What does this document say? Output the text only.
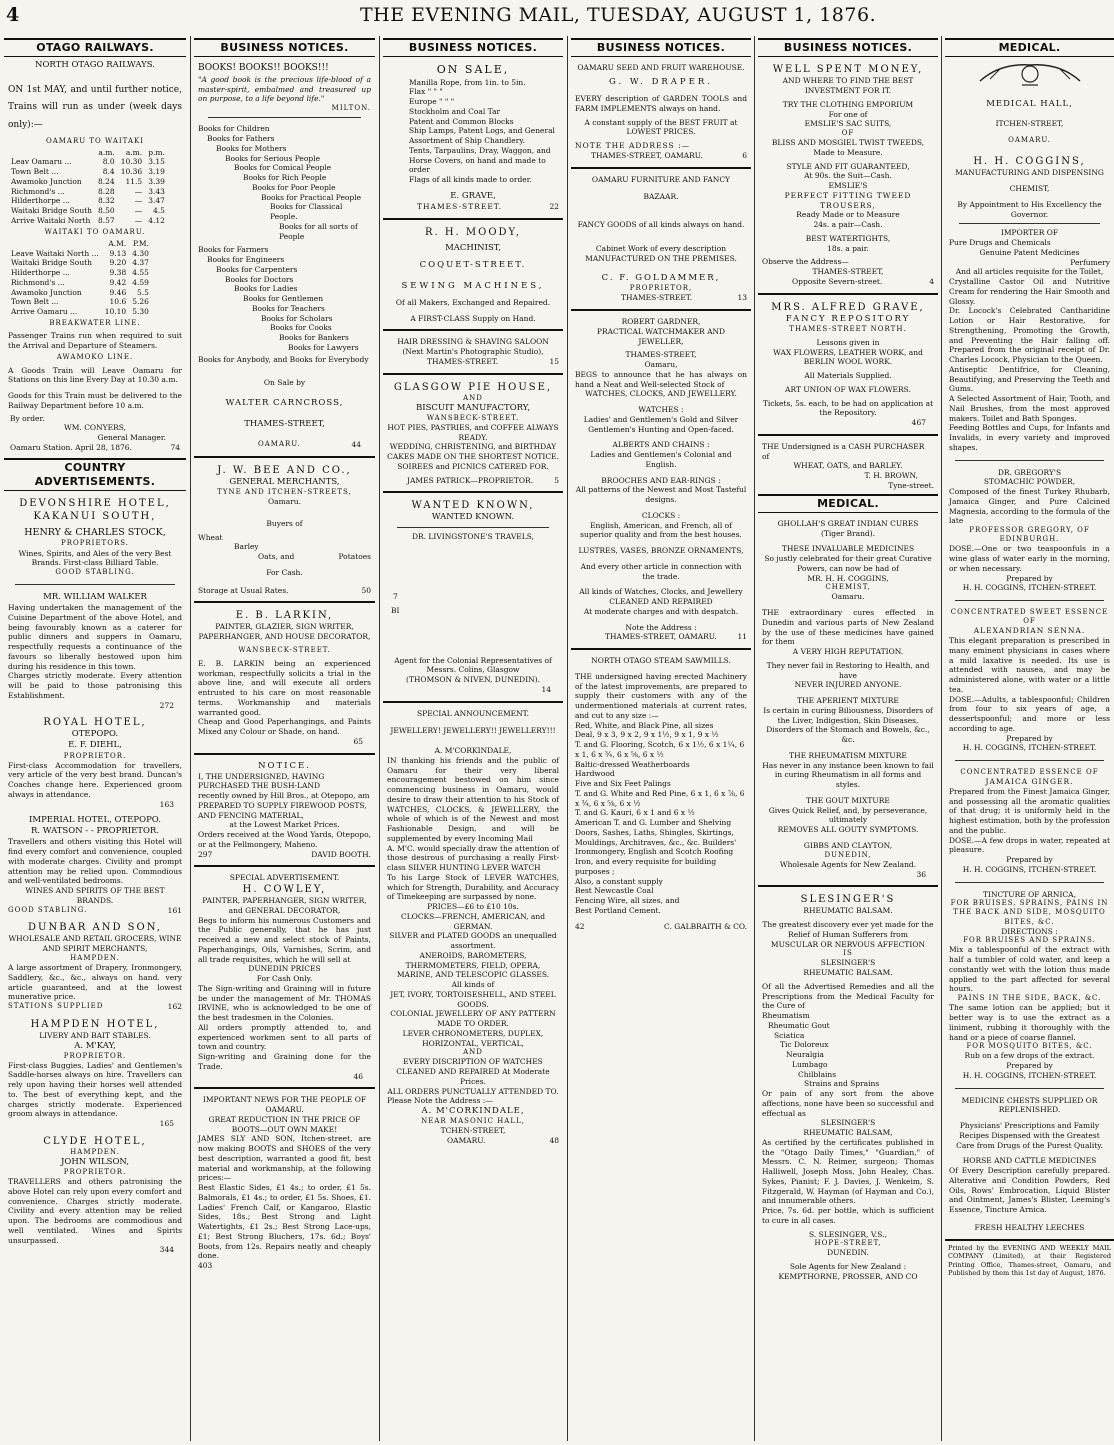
4	THE EVENING MAIL, TUESDAY, AUGUST 1, 1876.
OTAGO RAILWAYS.
NORTH OTAGO RAILWAYS.
ON 1st MAY, and until further notice, Trains will run as under (week days only):—
OAMARU TO WAITAKI
	a.m.	a.m.	p.m.
Leav Oamaru ...	8.0	10.30	3.15
Town Belt ...	8.4	10.36	3.19
Awamoko Junction	8.24	11.5	3.39
Richmond's ...	8.28	—	3.43
Hilderthorpe ...	8.32	—	3.47
Waitaki Bridge South	8.50	—	4.5
Arrive Waitaki North	8.57	—	4.12
WAITAKI TO OAMARU.
	A.M.	P.M.
Leave Waitaki North ...	9.13	4.30
Waitaki Bridge South	9.20	4.37
Hilderthorpe ...	9.38	4.55
Richmond's ...	9.42	4.59
Awamoko Junction	9.46	5.5
Town Belt ...	10.6	5.26
Arrive Oamaru ...	10.10	5.30
BREAKWATER LINE.
Passenger Trains run when required to suit the Arrival and Departure of Steamers.
AWAMOKO LINE.
A Goods Train will Leave Oamaru for Stations on this line Every Day at 10.30 a.m.
Goods for this Train must be delivered to the Railway Department before 10 a.m.
By order.
WM. CONYERS,
General Manager.
Oamaru Station. April 28, 1876.	74
COUNTRY ADVERTISEMENTS.
DEVONSHIRE HOTEL, KAKANUI SOUTH,
HENRY & CHARLES STOCK,
PROPRIETORS.
Wines, Spirits, and Ales of the very Best Brands. First-class Billiard Table.
GOOD STABLING.
MR. WILLIAM WALKER
Having undertaken the management of the Cuisine Department of the above Hotel, and being favourably known as a caterer for public dinners and suppers in Oamaru, respectfully requests a continuance of the favours so liberally bestowed upon him during his residence in this town.
Charges strictly moderate. Every attention will be paid to those patronising this Establishment.
272
ROYAL HOTEL,
OTEPOPO.
E. F. DIEHL,
PROPRIETOR.
First-class Accommodation for travellers, very article of the very best brand. Duncan's Coaches change here. Experienced groom always in attendance.
163
IMPERIAL HOTEL, OTEPOPO.
R. WATSON - - PROPRIETOR.
Travellers and others visiting this Hotel will find every comfort and convenience, coupled with moderate charges. Civility and prompt attention may be relied upon. Commodious and well-ventilated bedrooms.
WINES AND SPIRITS OF THE BEST BRANDS.
GOOD STABLING.	161
DUNBAR AND SON,
WHOLESALE AND RETAIL GROCERS, WINE AND SPIRIT MERCHANTS,
HAMPDEN.
A large assortment of Drapery, Ironmongery, Saddlery, &c., &c., always on hand. very article guaranteed, and at the lowest munerative price.
STATIONS SUPPLIED	162
HAMPDEN HOTEL,
LIVERY AND BAIT STABLES.
A. M'KAY,
PROPRIETOR.
First-class Buggies, Ladies' and Gentlemen's Saddle-horses always on hire. Travellers can rely upon having their horses well attended to. The best of everything kept, and the charges strictly moderate. Experienced groom always in attendance.
165
CLYDE HOTEL,
HAMPDEN.
JOHN WILSON,
PROPRIETOR.
TRAVELLERS and others patronising the above Hotel can rely upon every comfort and convenience. Charges strictly moderate. Civility and every attention may be relied upon. The bedrooms are commodious and well ventilated. Wines and Spirits unsurpassed.
344
BUSINESS NOTICES.
BOOKS! BOOKS!! BOOKS!!!
"A good book is the precious life-blood of a master-spirit, embalmed and treasured up on purpose, to a life beyond life."
MILTON.
Books for Children
Books for Fathers
Books for Mothers
Books for Serious People
Books for Comical People
Books for Rich People
Books for Poor People
Books for Practical People
Books for Classical People.
Books for all sorts of People
Books for Farmers
Books for Engineers
Books for Carpenters
Books for Doctors
Books for Ladies
Books for Gentlemen
Books for Teachers
Books for Scholars
Books for Cooks
Books for Bankers
Books for Lawyers
Books for Anybody, and Books for Everybody
On Sale by
WALTER CARNCROSS,
THAMES-STREET,
OAMARU.	44
J. W. BEE AND CO.,
GENERAL MERCHANTS,
TYNE AND ITCHEN-STREETS,
Oamaru.
Buyers of
Wheat
Barley
Oats, and	Potatoes
For Cash.
Storage at Usual Rates.	50
E. B. LARKIN,
PAINTER, GLAZIER, SIGN WRITER, PAPERHANGER, AND HOUSE DECORATOR,
WANSBECK-STREET.
E. B. LARKIN being an experienced workman, respectfully solicits a trial in the above line, and will execute all orders entrusted to his care on most reasonable terms. Workmanship and materials warranted good.
Cheap and Good Paperhangings, and Paints Mixed any Colour or Shade, on hand.
65
NOTICE.
I, THE UNDERSIGNED, HAVING PURCHASED THE BUSH-LAND
recently owned by Hill Bros., at Otepopo, am PREPARED TO SUPPLY FIREWOOD POSTS, AND FENCING MATERIAL,
at the Lowest Market Prices.
Orders received at the Wood Yards, Otepopo, or at the Fellmongery, Maheno.
297	DAVID BOOTH.
SPECIAL ADVERTISEMENT.
H. COWLEY,
PAINTER, PAPERHANGER, SIGN WRITER, and GENERAL DECORATOR,
Begs to inform his numerous Customers and the Public generally, that he has just received a new and select stock of Paints, Paperhangings, Oils, Varnishes, Scrim, and all trade requisites, which he will sell at
DUNEDIN PRICES
For Cash Only.
The Sign-writing and Graining will in future be under the management of Mr. THOMAS IRVINE, who is acknowledged to be one of the best tradesmen in the Colonies.
All orders promptly attended to, and experienced workmen sent to all parts of town and country.
Sign-writing and Graining done for the Trade.
46
IMPORTANT NEWS FOR THE PEOPLE OF OAMARU.
GREAT REDUCTION IN THE PRICE OF BOOTS—OUT OWN MAKE!
JAMES SLY AND SON, Itchen-street, are now making BOOTS and SHOES of the very best description, warranted a good fit, best material and workmanship, at the following prices:—
Best Elastic Sides, £1 4s.; to order, £1 5s. Balmorals, £1 4s.; to order, £1 5s. Shoes, £1. Ladies' French Calf, or Kangaroo, Elastic Sides, 18s.; Best Strong and Light Watertights, £1 2s.; Best Strong Lace-ups, £1; Best Strong Bluchers, 17s. 6d.; Boys' Boots, from 12s. Repairs neatly and cheaply done.
403
BUSINESS NOTICES.
ON SALE,
Manilla Rope, from 1in. to 5in.
Flax " " "
Europe " " "
Stockholm and Coal Tar
Patent and Common Blocks
Ship Lamps, Patent Logs, and General Assortment of Ship Chandlery.
Tents, Tarpaulins, Dray, Waggon, and Horse Covers, on hand and made to order
Flags of all kinds made to order.
E. GRAVE,
THAMES-STREET.	22
R. H. MOODY,
MACHINIST,
COQUET-STREET.
SEWING MACHINES,
Of all Makers, Exchanged and Repaired.
A FIRST-CLASS Supply on Hand.
HAIR DRESSING & SHAVING SALOON
(Next Martin's Photographic Studio),
THAMES-STREET.	15
GLASGOW PIE HOUSE,
AND
BISCUIT MANUFACTORY,
WANSBECK-STREET.
HOT PIES, PASTRIES, and COFFEE ALWAYS READY.
WEDDING, CHRISTENING, and BIRTHDAY CAKES MADE ON THE SHORTEST NOTICE.
SOIREES and PICNICS CATERED FOR.
JAMES PATRICK—PROPRIETOR.	5
WANTED KNOWN,
WANTED KNOWN.
DR. LIVINGSTONE'S TRAVELS,
7
BI
Agent for the Colonial Representatives of Messrs. Colins, Glasgow
(THOMSON & NIVEN, DUNEDIN).
14
SPECIAL ANNOUNCEMENT.
JEWELLERY! JEWELLERY!! JEWELLERY!!!
A. M'CORKINDALE,
IN thanking his friends and the public of Oamaru for their very liberal encouragement bestowed on him since commencing business in Oamaru, would desire to draw their attention to his Stock of WATCHES, CLOCKS, & JEWELLERY, the whole of which is of the Newest and most Fashionable Design, and will be supplemented by every Incoming Mail
A. M'C. would specially draw the attention of those desirous of purchasing a really First-class SILVER HUNTING LEVER WATCH
To his Large Stock of LEVER WATCHES, which for Strength, Durability, and Accuracy of Timekeeping are surpassed by none.
PRICES—£6 to £10 10s.
CLOCKS—FRENCH, AMERICAN, and GERMAN.
SILVER and PLATED GOODS an unequalled assortment.
ANEROIDS, BAROMETERS, THERMOMETERS, FIELD, OPERA, MARINE, AND TELESCOPIC GLASSES.
All kinds of
JET, IVORY, TORTOISESHELL, AND STEEL GOODS.
COLONIAL JEWELLERY OF ANY PATTERN MADE TO ORDER.
LEVER CHRONOMETERS, DUPLEX, HORIZONTAL, VERTICAL,
AND
EVERY DISCRIPTION OF WATCHES CLEANED AND REPAIRED At Moderate Prices.
ALL ORDERS PUNCTUALLY ATTENDED TO.
Please Note the Address :—
A. M'CORKINDALE,
NEAR MASONIC HALL,
TCHEN-STREET,
OAMARU.	48
BUSINESS NOTICES.
OAMARU SEED AND FRUIT WAREHOUSE.
G. W. DRAPER.
EVERY description of GARDEN TOOLS and FARM IMPLEMENTS always on hand.
A constant supply of the BEST FRUIT at LOWEST PRICES.
NOTE THE ADDRESS :—
THAMES-STREET, OAMARU.	6
OAMARU FURNITURE AND FANCY
BAZAAR.
FANCY GOODS of all kinds always on hand.
Cabinet Work of every description
MANUFACTURED ON THE PREMISES.
C. F. GOLDAMMER,
PROPRIETOR,
THAMES-STREET.	13
ROBERT GARDNER,
PRACTICAL WATCHMAKER AND JEWELLER,
THAMES-STREET,
Oamaru,
BEGS to announce that he has always on hand a Neat and Well-selected Stock of
WATCHES, CLOCKS, AND JEWELLERY.
WATCHES :
Ladies' and Gentlemen's Gold and Silver Gentlemen's Hunting and Open-faced.
ALBERTS AND CHAINS :
Ladies and Gentlemen's Colonial and English.
BROOCHES AND EAR-RINGS :
All patterns of the Newest and Most Tasteful designs.
CLOCKS :
English, American, and French, all of superior quality and from the best houses.
LUSTRES, VASES, BRONZE ORNAMENTS,
And every other article in connection with the trade.
All kinds of Watches, Clocks, and Jewellery
CLEANED AND REPAIRED
At moderate charges and with despatch.
Note the Address :
THAMES-STREET, OAMARU.	11
NORTH OTAGO STEAM SAWMILLS.
THE undersigned having erected Machinery of the latest improvements, are prepared to supply their customers with any of the undermentioned materials at current rates, and cut to any size :—
Red, White, and Black Pine, all sizes
Deal, 9 x 3, 9 x 2, 9 x 1½, 9 x 1, 9 x ½
T. and G. Flooring, Scotch, 6 x 1½, 6 x 1¼, 6 x 1, 6 x ¾, 6 x ⅝, 6 x ½
Baltic-dressed Weatherboards
Hardwood
Five and Six Feet Palings
T. and G. White and Red Pine, 6 x 1, 6 x ⅞, 6 x ¾, 6 x ⅝, 6 x ½
T. and G. Kauri, 6 x 1 and 6 x ½
American T. and G. Lumber and Shelving
Doors, Sashes, Laths, Shingles, Skirtings, Mouldings, Architraves, &c., &c. Builders' Ironmongery, English and Scotch Roofing Iron, and every requisite for building purposes ;
Also, a constant supply
Best Newcastle Coal
Fencing Wire, all sizes, and
Best Portland Cement.
42	C. GALBRAITH & CO.
BUSINESS NOTICES.
WELL SPENT MONEY,
AND WHERE TO FIND THE BEST INVESTMENT FOR IT.
TRY THE CLOTHING EMPORIUM
For one of
EMSLIE'S SAC SUITS,
OF
BLISS AND MOSGIEL TWIST TWEEDS,
Made to Measure.
STYLE AND FIT GUARANTEED,
At 90s. the Suit—Cash.
EMSLIE'S
PERFECT FITTING TWEED TROUSERS,
Ready Made or to Measure
24s. a pair—Cash.
BEST WATERTIGHTS,
18s. a pair.
Observe the Address—
THAMES-STREET,
Opposite Severn-street.	4
MRS. ALFRED GRAVE,
FANCY REPOSITORY
THAMES-STREET NORTH.
Lessons given in
WAX FLOWERS, LEATHER WORK, and BERLIN WOOL WORK.
All Materials Supplied.
ART UNION OF WAX FLOWERS.
Tickets, 5s. each, to be had on application at the Repository.
467
THE Undersigned is a CASH PURCHASER of
WHEAT, OATS, and BARLEY.
T. H. BROWN,
Tyne-street.
MEDICAL.
GHOLLAH'S GREAT INDIAN CURES
(Tiger Brand).
THESE INVALUABLE MEDICINES
So justly celebrated for their great Curative Powers, can now be had of
MR. H. H. COGGINS,
CHEMIST,
Oamaru.
THE extraordinary cures effected in Dunedin and various parts of New Zealand by the use of these medicines have gained for them
A VERY HIGH REPUTATION.
They never fail in Restoring to Health, and have
NEVER INJURED ANYONE.
THE APERIENT MIXTURE
Is certain in curing Biliousness, Disorders of the Liver, Indigestion, Skin Diseases, Disorders of the Stomach and Bowels, &c., &c.
THE RHEUMATISM MIXTURE
Has never in any instance been known to fail in curing Rheumatism in all forms and styles.
THE GOUT MIXTURE
Gives Quick Relief, and, by perseverance, ultimately
REMOVES ALL GOUTY SYMPTOMS.
GIBBS AND CLAYTON,
DUNEDIN,
Wholesale Agents for New Zealand.
36
SLESINGER'S
RHEUMATIC BALSAM.
The greatest discovery ever yet made for the Relief of Human Sufferers from
MUSCULAR OR NERVOUS AFFECTION
IS
SLESINGER'S
RHEUMATIC BALSAM.
Of all the Advertised Remedies and all the Prescriptions from the Medical Faculty for the Cure of
Rheumatism
Rheumatic Gout
Sciatica
Tic Doloreux
Neuralgia
Lumbago
Chilblains
Strains and Sprains
Or pain of any sort from the above affections, none have been so successful and effectual as
SLESINGER'S
RHEUMATIC BALSAM,
As certified by the certificates published in the "Otago Daily Times," "Guardian," of Messrs. C. N. Reimer, surgeon; Thomas Halliwell, Joseph Moss, John Healey, Chas. Sykes, Pianist; F. J. Davies, J. Wenkeim, S. Fitzgerald, W. Hayman (of Hayman and Co.), and innumerable others.
Price, 7s. 6d. per bottle, which is sufficient to cure in all cases.
S. SLESINGER, V.S.,
HOPE-STREET,
DUNEDIN.
Sole Agents for New Zealand :
KEMPTHORNE, PROSSER, AND CO
MEDICAL.
MEDICAL HALL,
ITCHEN-STREET,
OAMARU.
H. H. COGGINS,
MANUFACTURING AND DISPENSING
CHEMIST,
By Appointment to His Excellency the Governor.
IMPORTER OF
Pure Drugs and Chemicals
Genuine Patent Medicines
Perfumery
And all articles requisite for the Toilet,
Crystalline Castor Oil and Nutritive Cream for rendering the Hair Smooth and Glossy.
Dr. Locock's Celebrated Cantharidine Lotion or Hair Restorative, for Strengthening, Promoting the Growth, and Preventing the Hair falling off. Prepared from the original receipt of Dr. Charles Locock, Physician to the Queen.
Antiseptic Dentifrice, for Cleaning, Beautifying, and Preserving the Teeth and Gums.
A Selected Assortment of Hair, Tooth, and Nail Brushes, from the most approved makers. Toilet and Bath Sponges.
Feeding Bottles and Cups, for Infants and Invalids, in every variety and improved shapes.
DR. GREGORY'S
STOMACHIC POWDER,
Composed of the finest Turkey Rhubarb, Jamaica Ginger, and Pure Calcined Magnesia, according to the formula of the late
PROFESSOR GREGORY, OF EDINBURGH.
DOSE.—One or two teaspoonfuls in a wine glass of water early in the morning, or when necessary.
Prepared by
H. H. COGGINS, ITCHEN-STREET.
CONCENTRATED SWEET ESSENCE OF
ALEXANDRIAN SENNA.
This elegant preparation is prescribed in many eminent physicians in cases where a mild laxative is needed. Its use is attended with nausea, and may be administered alone, with water or a little tea.
DOSE.—Adults, a tablespoonful; Children from four to six years of age, a dessertspoonful; and more or less according to age.
Prepared by
H. H. COGGINS, ITCHEN-STREET.
CONCENTRATED ESSENCE OF
JAMAICA GINGER.
Prepared from the Finest Jamaica Ginger, and possessing all the aromatic qualities of that drug; it is uniformly held in the highest estimation, both by the profession and the public.
DOSE.—A few drops in water, repeated at pleasure.
Prepared by
H. H. COGGINS, ITCHEN-STREET.
TINCTURE OF ARNICA,
FOR BRUISES, SPRAINS, PAINS IN THE BACK AND SIDE, MOSQUITO BITES, &C.
DIRECTIONS :
FOR BRUISES AND SPRAINS.
Mix a tablespoonful of the extract with half a tumbler of cold water, and keep a constantly wet with the lotion thus made applied to the part affected for several hours.
PAINS IN THE SIDE, BACK, &C.
The same lotion can be applied; but it better way is to use the extract as a liniment, rubbing it thoroughly with the hand or a piece of coarse flannel.
FOR MOSQUITO BITES, &C.
Rub on a few drops of the extract.
Prepared by
H. H. COGGINS, ITCHEN-STREET.
MEDICINE CHESTS SUPPLIED OR REPLENISHED.
Physicians' Prescriptions and Family Recipes Dispensed with the Greatest Care from Drugs of the Purest Quality.
HORSE AND CATTLE MEDICINES
Of Every Description carefully prepared. Alterative and Condition Powders, Red Oils, Rows' Embrocation, Liquid Blister and Ointment, James's Blister, Leeming's Essence, Tincture Arnica.
FRESH HEALTHY LEECHES
Printed by the EVENING AND WEEKLY MAIL COMPANY (Limited), at their Registered Printing Office, Thames-street, Oamaru, and Published by them this 1st day of August, 1876.
